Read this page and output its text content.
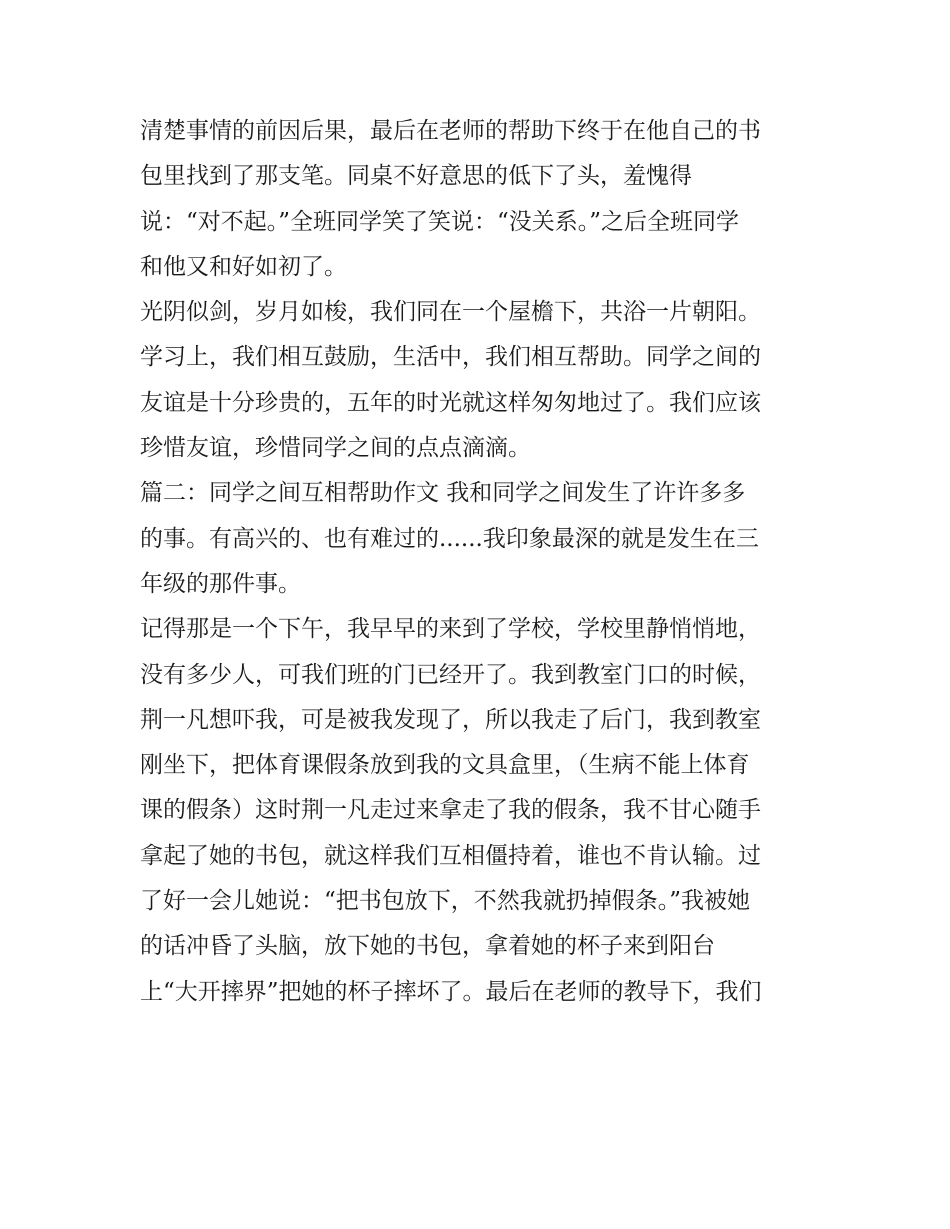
清楚事情的前因后果，最后在老师的帮助下终于在他自己的书
包里找到了那支笔。同桌不好意思的低下了头，羞愧得
说：“对不起。”全班同学笑了笑说：“没关系。”之后全班同学
和他又和好如初了。
光阴似剑，岁月如梭，我们同在一个屋檐下，共浴一片朝阳。
学习上，我们相互鼓励，生活中，我们相互帮助。同学之间的
友谊是十分珍贵的，五年的时光就这样匆匆地过了。我们应该
珍惜友谊，珍惜同学之间的点点滴滴。
篇二：同学之间互相帮助作文 我和同学之间发生了许许多多
的事。有高兴的、也有难过的......我印象最深的就是发生在三
年级的那件事。
记得那是一个下午，我早早的来到了学校，学校里静悄悄地，
没有多少人，可我们班的门已经开了。我到教室门口的时候，
荆一凡想吓我，可是被我发现了，所以我走了后门，我到教室
刚坐下，把体育课假条放到我的文具盒里，（生病不能上体育
课的假条）这时荆一凡走过来拿走了我的假条，我不甘心随手
拿起了她的书包，就这样我们互相僵持着，谁也不肯认输。过
了好一会儿她说：“把书包放下，不然我就扔掉假条。”我被她
的话冲昏了头脑，放下她的书包，拿着她的杯子来到阳台
上“大开摔界”把她的杯子摔坏了。最后在老师的教导下，我们
